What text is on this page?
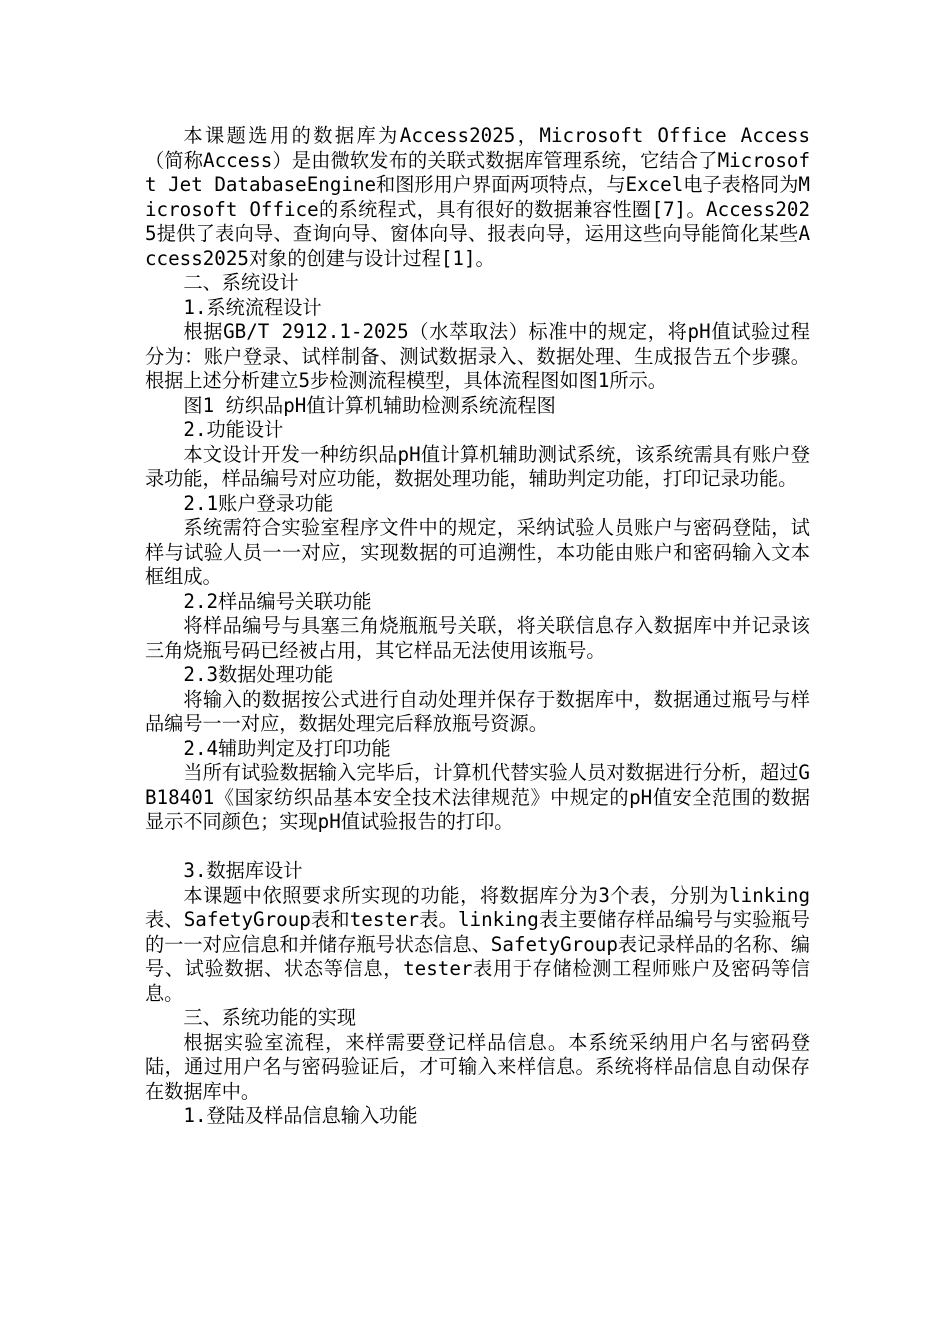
本课题选用的数据库为Access2025，Microsoft Office Access（简称Access）是由微软发布的关联式数据库管理系统，它结合了Microsoft Jet DatabaseEngine和图形用户界面两项特点，与Excel电子表格同为Microsoft Office的系统程式，具有很好的数据兼容性圈[7]。Access2025提供了表向导、查询向导、窗体向导、报表向导，运用这些向导能简化某些Access2025对象的创建与设计过程[1]。

二、系统设计

1.系统流程设计

根据GB/T 2912.1-2025（水萃取法）标准中的规定，将pH值试验过程分为：账户登录、试样制备、测试数据录入、数据处理、生成报告五个步骤。根据上述分析建立5步检测流程模型，具体流程图如图1所示。

图1 纺织品pH值计算机辅助检测系统流程图

2.功能设计

本文设计开发一种纺织品pH值计算机辅助测试系统，该系统需具有账户登录功能，样品编号对应功能，数据处理功能，辅助判定功能，打印记录功能。

2.1账户登录功能

系统需符合实验室程序文件中的规定，采纳试验人员账户与密码登陆，试样与试验人员一一对应，实现数据的可追溯性，本功能由账户和密码输入文本框组成。

2.2样品编号关联功能

将样品编号与具塞三角烧瓶瓶号关联，将关联信息存入数据库中并记录该三角烧瓶号码已经被占用，其它样品无法使用该瓶号。

2.3数据处理功能

将输入的数据按公式进行自动处理并保存于数据库中，数据通过瓶号与样品编号一一对应，数据处理完后释放瓶号资源。

2.4辅助判定及打印功能

当所有试验数据输入完毕后，计算机代替实验人员对数据进行分析，超过GB18401《国家纺织品基本安全技术法律规范》中规定的pH值安全范围的数据显示不同颜色；实现pH值试验报告的打印。

3.数据库设计

本课题中依照要求所实现的功能，将数据库分为3个表，分别为linking表、SafetyGroup表和tester表。linking表主要储存样品编号与实验瓶号的一一对应信息和并储存瓶号状态信息、SafetyGroup表记录样品的名称、编号、试验数据、状态等信息，tester表用于存储检测工程师账户及密码等信息。

三、系统功能的实现

根据实验室流程，来样需要登记样品信息。本系统采纳用户名与密码登陆，通过用户名与密码验证后，才可输入来样信息。系统将样品信息自动保存在数据库中。

1.登陆及样品信息输入功能
